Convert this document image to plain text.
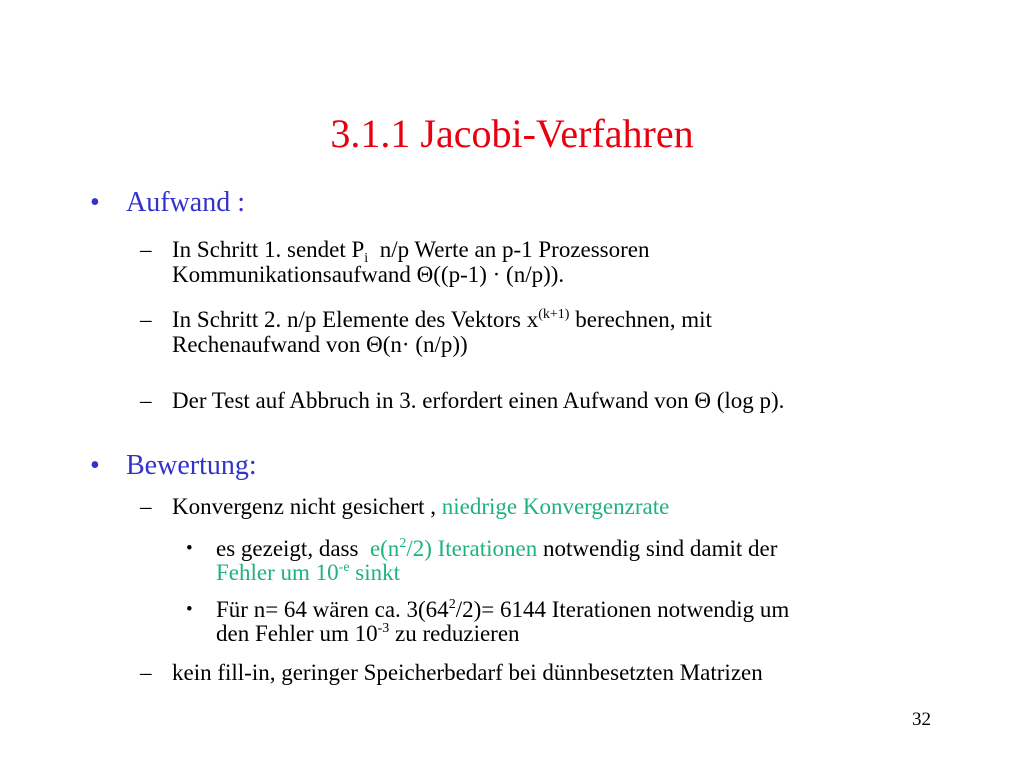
3.1.1 Jacobi-Verfahren
• Aufwand :
– In Schritt 1. sendet $P_i$  n/p Werte an p-1 Prozessoren
Kommunikationsaufwand Θ((p-1) · (n/p)).
– In Schritt 2. n/p Elemente des Vektors $x^{(k+1)}$ berechnen, mit
Rechenaufwand von Θ(n· (n/p))
– Der Test auf Abbruch in 3. erfordert einen Aufwand von Θ (log p).
• Bewertung:
– Konvergenz nicht gesichert , niedrige Konvergenzrate
• es gezeigt, dass  $e(n^2/2)$ Iterationen notwendig sind damit der
Fehler um $10^{-e}$ sinkt
• Für n= 64 wären ca. $3(64^2/2)= 6144$ Iterationen notwendig um
den Fehler um $10^{-3}$ zu reduzieren
– kein fill-in, geringer Speicherbedarf bei dünnbesetzten Matrizen
32
